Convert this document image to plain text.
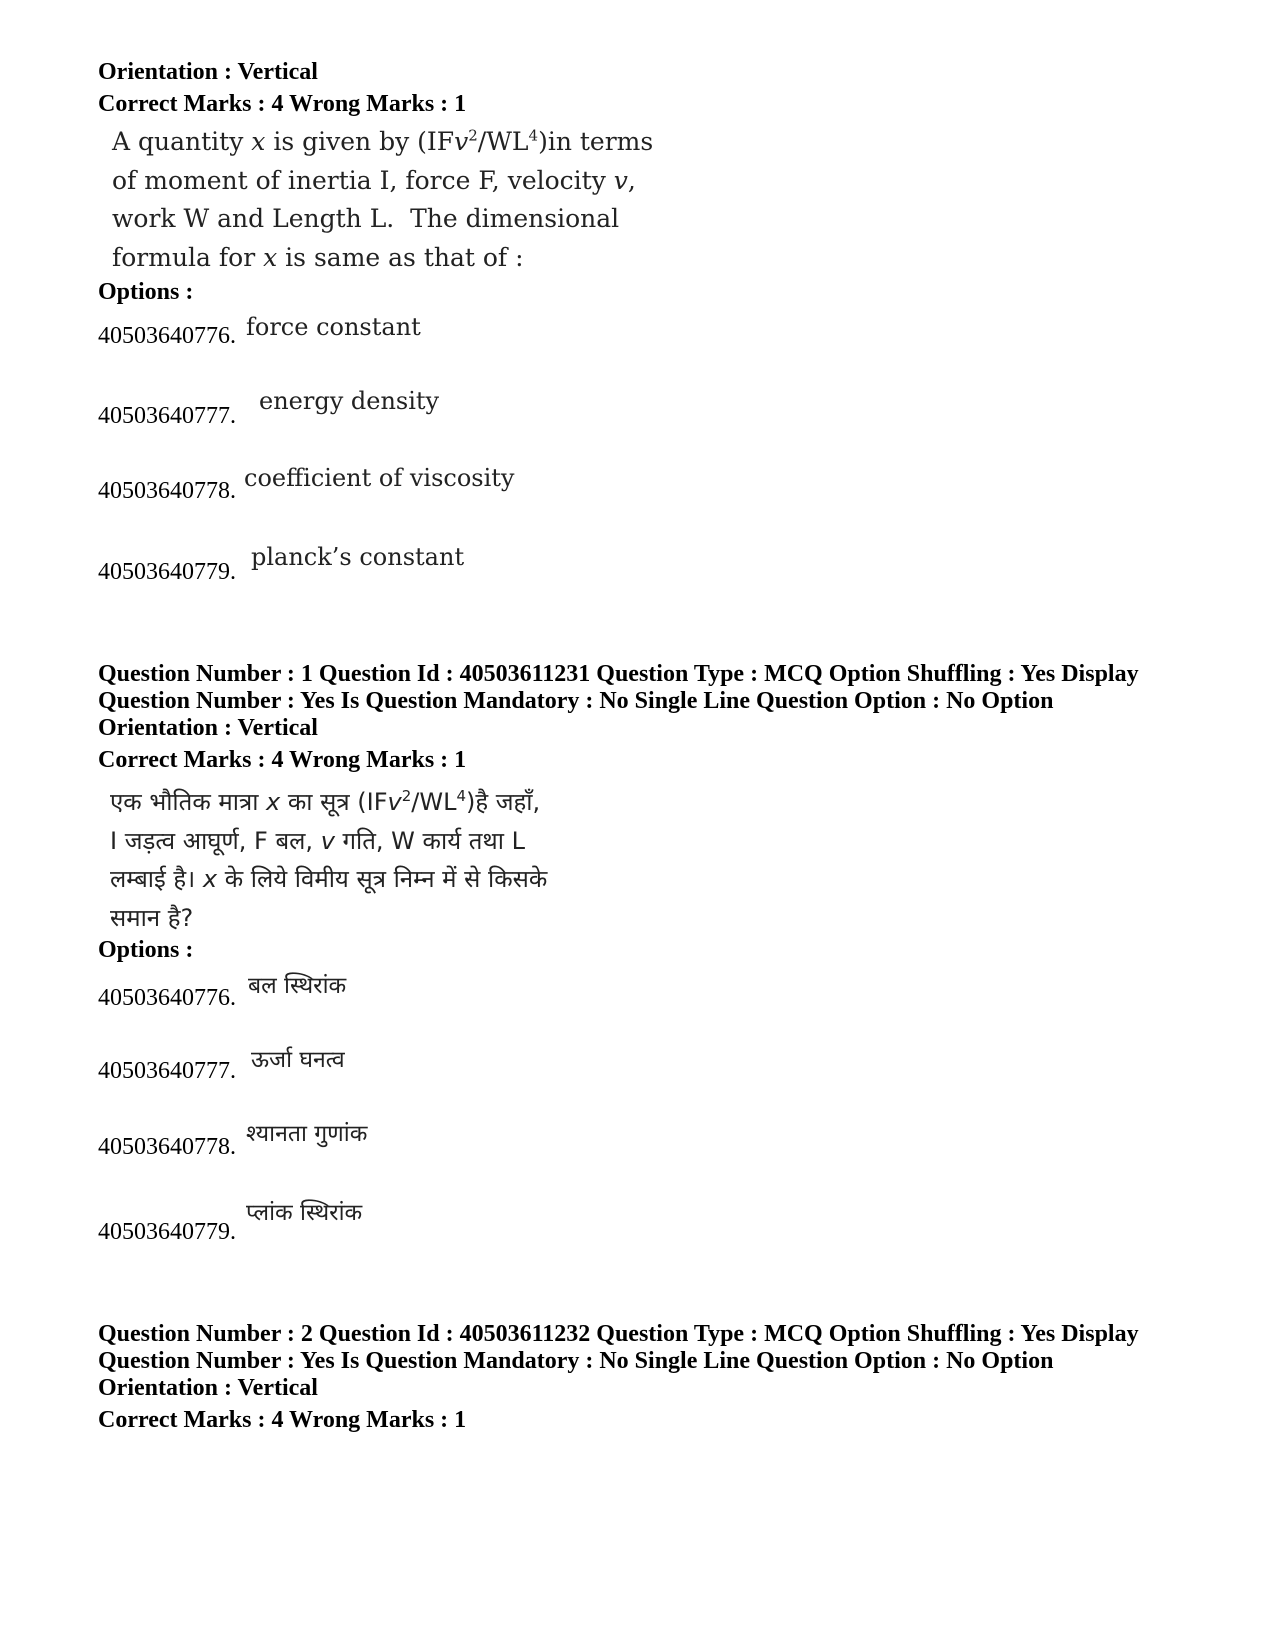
Orientation : Vertical
Correct Marks : 4 Wrong Marks : 1
A quantity x is given by $(IFv^2/WL^4)in$ terms
of moment of inertia I, force F, velocity v,
work W and Length L.  The dimensional
formula for x is same as that of :
Options :
40503640776. force constant
40503640777.
energy density
40503640778. coefficient of viscosity
40503640779.
planck’s constant
Question Number : 1 Question Id : 40503611231 Question Type : MCQ Option Shuffling : Yes Display
Question Number : Yes Is Question Mandatory : No Single Line Question Option : No Option
Orientation : Vertical
Correct Marks : 4 Wrong Marks : 1
एक भौतिक मात्रा x का सूत्र $(IFv^2/WL^4)है$ जहाँ,
I जड़त्व आघूर्ण, F बल, v गति, W कार्य तथा L
लम्बाई है। x के लिये विमीय सूत्र निम्न में से किसके
समान है?
Options :
40503640776. बल स्थिरांक
40503640777. ऊर्जा घनत्व
40503640778. श्यानता गुणांक
40503640779.
प्लांक स्थिरांक
Question Number : 2 Question Id : 40503611232 Question Type : MCQ Option Shuffling : Yes Display
Question Number : Yes Is Question Mandatory : No Single Line Question Option : No Option
Orientation : Vertical
Correct Marks : 4 Wrong Marks : 1
